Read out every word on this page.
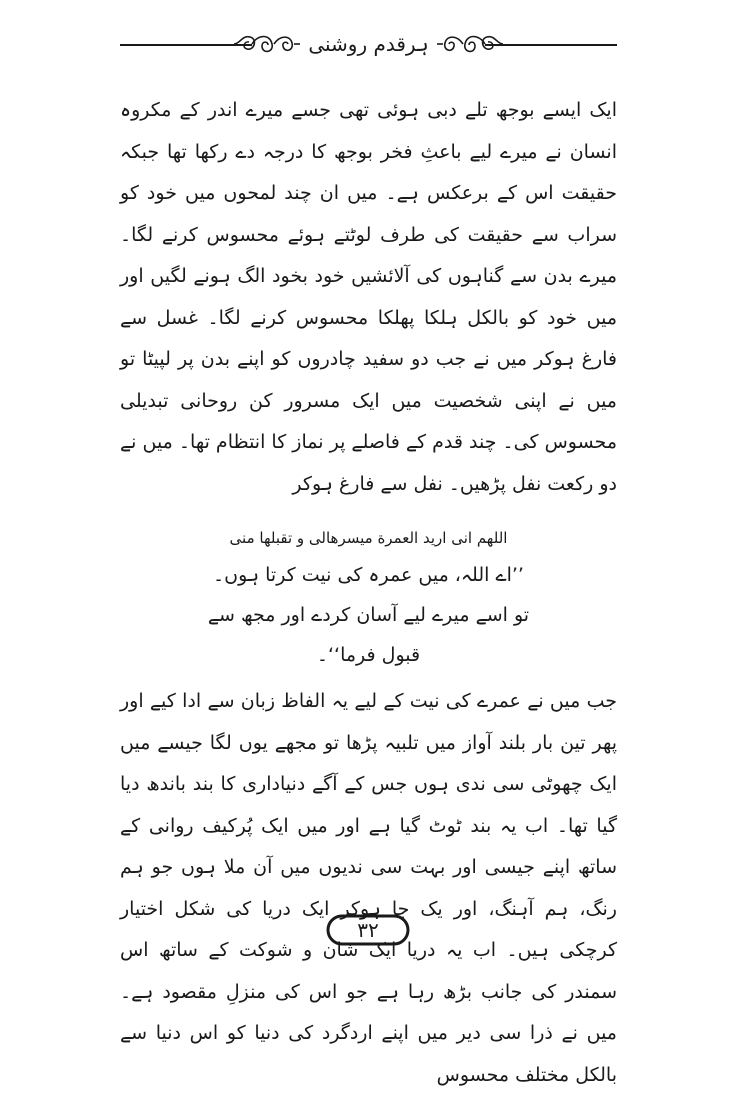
ہرقدم روشنی

ایک ایسے بوجھ تلے دبی ہوئی تھی جسے میرے اندر کے مکروہ انسان نے میرے لیے باعثِ فخر بوجھ کا درجہ دے رکھا تھا جبکہ حقیقت اس کے برعکس ہے۔ میں ان چند لمحوں میں خود کو سراب سے حقیقت کی طرف لوٹتے ہوئے محسوس کرنے لگا۔ میرے بدن سے گناہوں کی آلائشیں خود بخود الگ ہونے لگیں اور میں خود کو بالکل ہلکا پھلکا محسوس کرنے لگا۔ غسل سے فارغ ہوکر میں نے جب دو سفید چادروں کو اپنے بدن پر لپیٹا تو میں نے اپنی شخصیت میں ایک مسرور کن روحانی تبدیلی محسوس کی۔ چند قدم کے فاصلے پر نماز کا انتظام تھا۔ میں نے دو رکعت نفل پڑھیں۔ نفل سے فارغ ہوکر

اللهم انی ارید العمرة میسرهالی و تقبلها منی
’’اے اللہ، میں عمرہ کی نیت کرتا ہوں۔ تو اسے میرے لیے آسان کردے اور مجھ سے قبول فرما‘‘۔

جب میں نے عمرے کی نیت کے لیے یہ الفاظ زبان سے ادا کیے اور پھر تین بار بلند آواز میں تلبیہ پڑھا تو مجھے یوں لگا جیسے میں ایک چھوٹی سی ندی ہوں جس کے آگے دنیاداری کا بند باندھ دیا گیا تھا۔ اب یہ بند ٹوٹ گیا ہے اور میں ایک پُرکیف روانی کے ساتھ اپنے جیسی اور بہت سی ندیوں میں آن ملا ہوں جو ہم رنگ، ہم آہنگ، اور یک جا ہوکر ایک دریا کی شکل اختیار کرچکی ہیں۔ اب یہ دریا ایک شان و شوکت کے ساتھ اس سمندر کی جانب بڑھ رہا ہے جو اس کی منزلِ مقصود ہے۔ میں نے ذرا سی دیر میں اپنے اردگرد کی دنیا کو اس دنیا سے بالکل مختلف محسوس

۳۲
